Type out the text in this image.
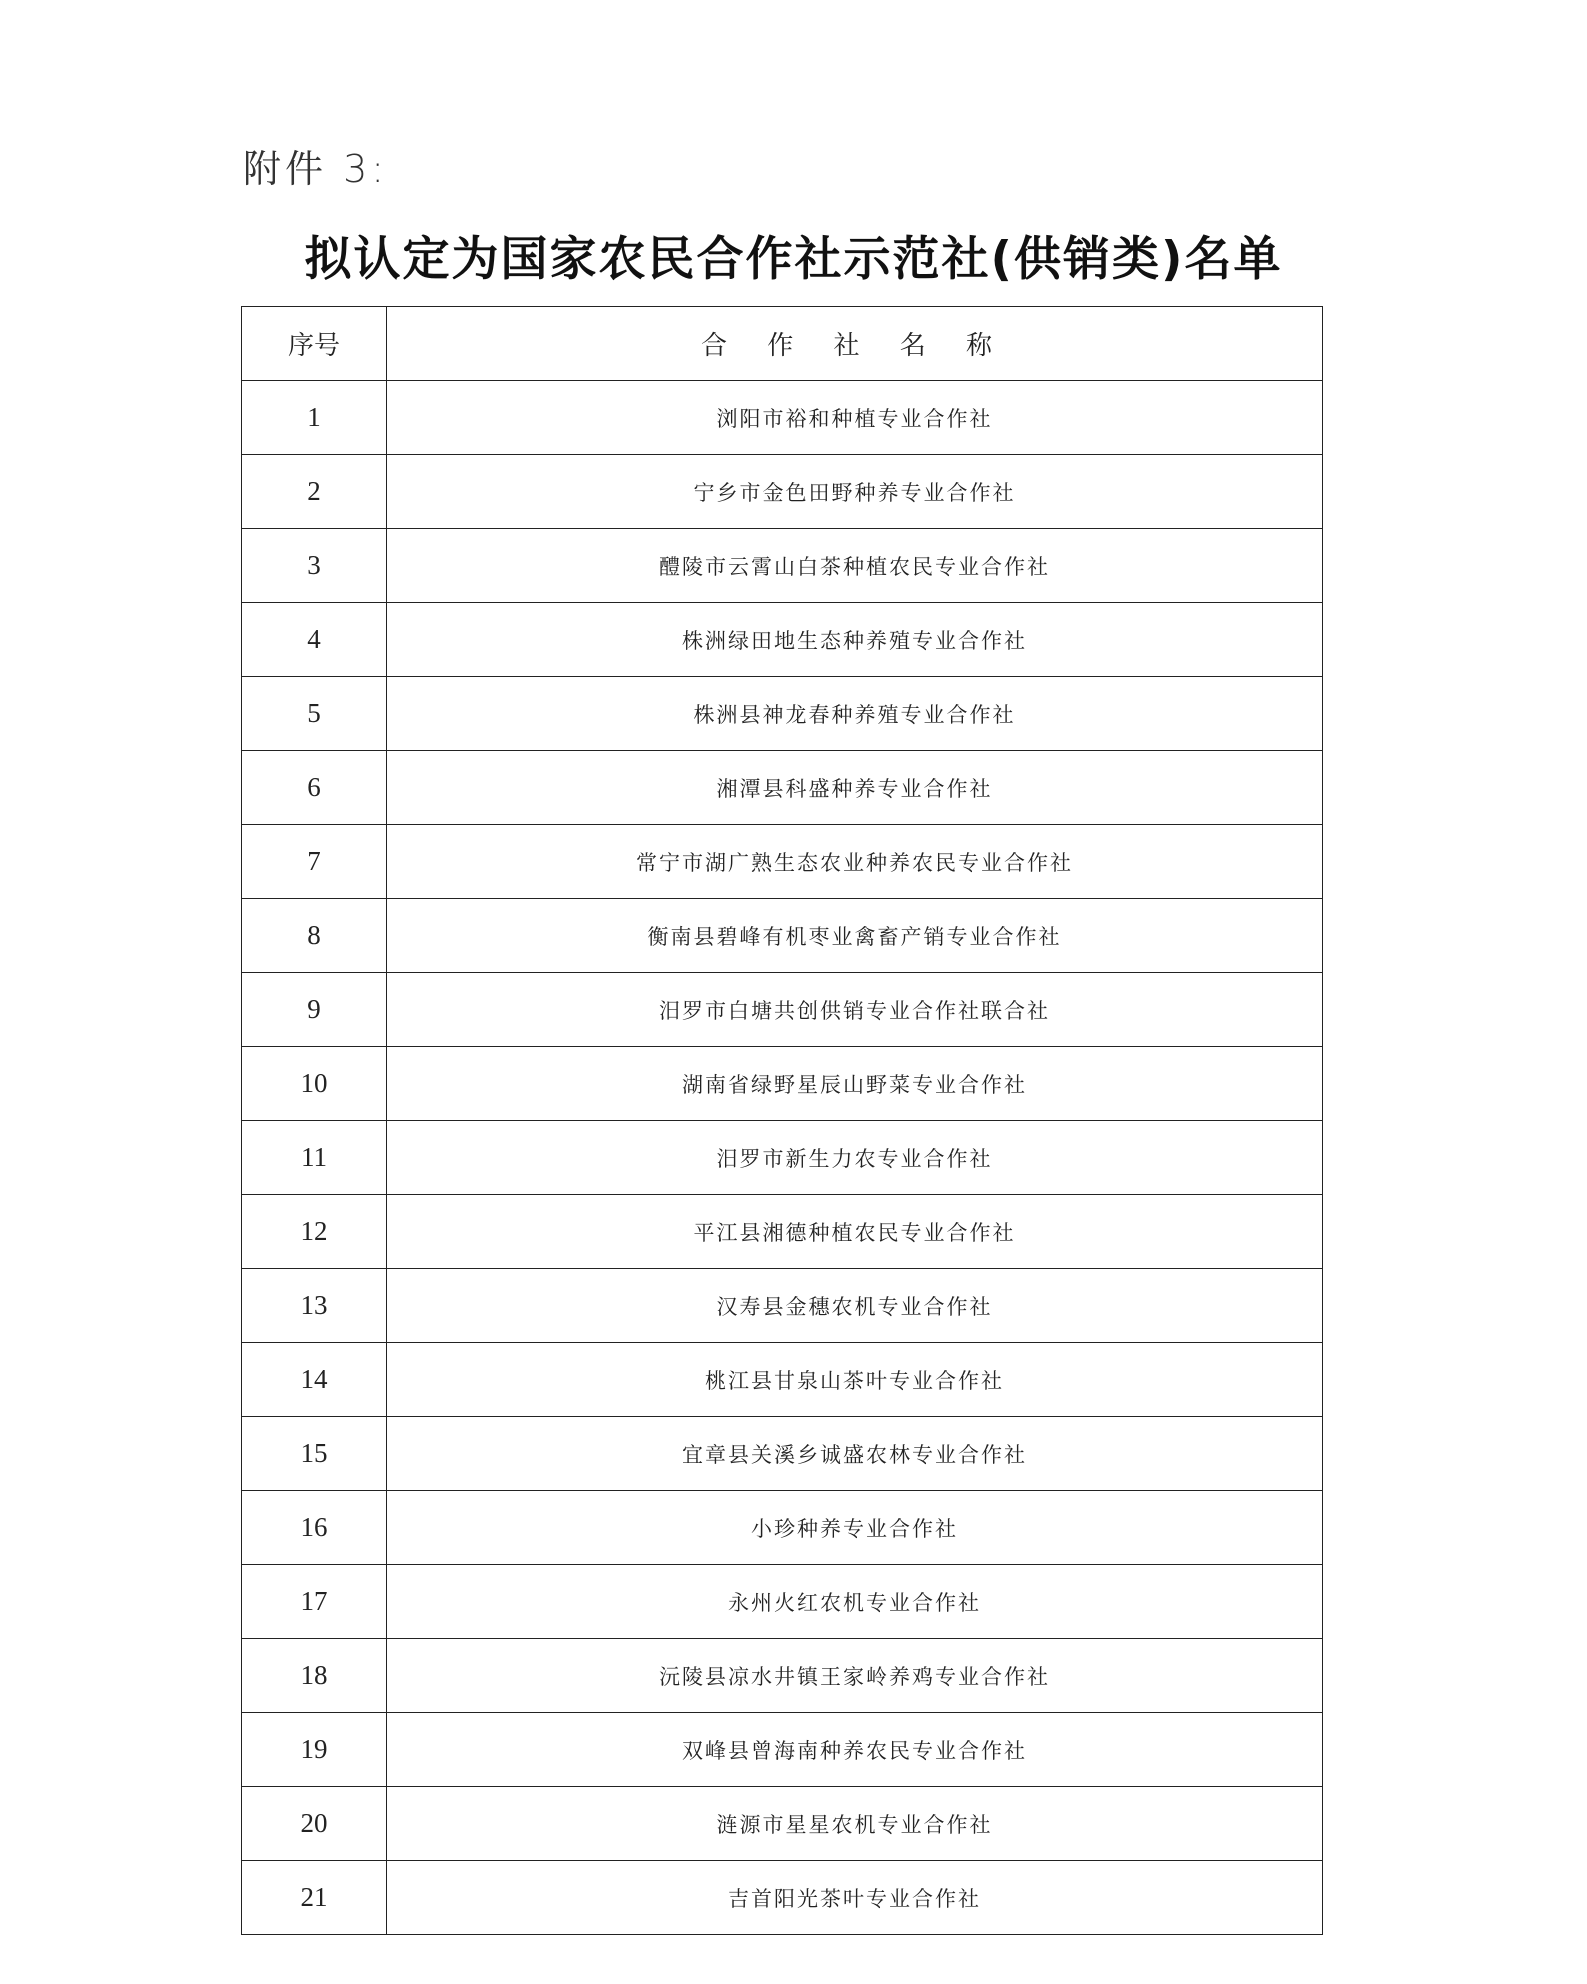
附件 3:
拟认定为国家农民合作社示范社(供销类)名单
序号	合 作 社 名 称
1	浏阳市裕和种植专业合作社
2	宁乡市金色田野种养专业合作社
3	醴陵市云霄山白茶种植农民专业合作社
4	株洲绿田地生态种养殖专业合作社
5	株洲县神龙春种养殖专业合作社
6	湘潭县科盛种养专业合作社
7	常宁市湖广熟生态农业种养农民专业合作社
8	衡南县碧峰有机枣业禽畜产销专业合作社
9	汨罗市白塘共创供销专业合作社联合社
10	湖南省绿野星辰山野菜专业合作社
11	汨罗市新生力农专业合作社
12	平江县湘德种植农民专业合作社
13	汉寿县金穗农机专业合作社
14	桃江县甘泉山茶叶专业合作社
15	宜章县关溪乡诚盛农林专业合作社
16	小珍种养专业合作社
17	永州火红农机专业合作社
18	沅陵县凉水井镇王家岭养鸡专业合作社
19	双峰县曾海南种养农民专业合作社
20	涟源市星星农机专业合作社
21	吉首阳光茶叶专业合作社
